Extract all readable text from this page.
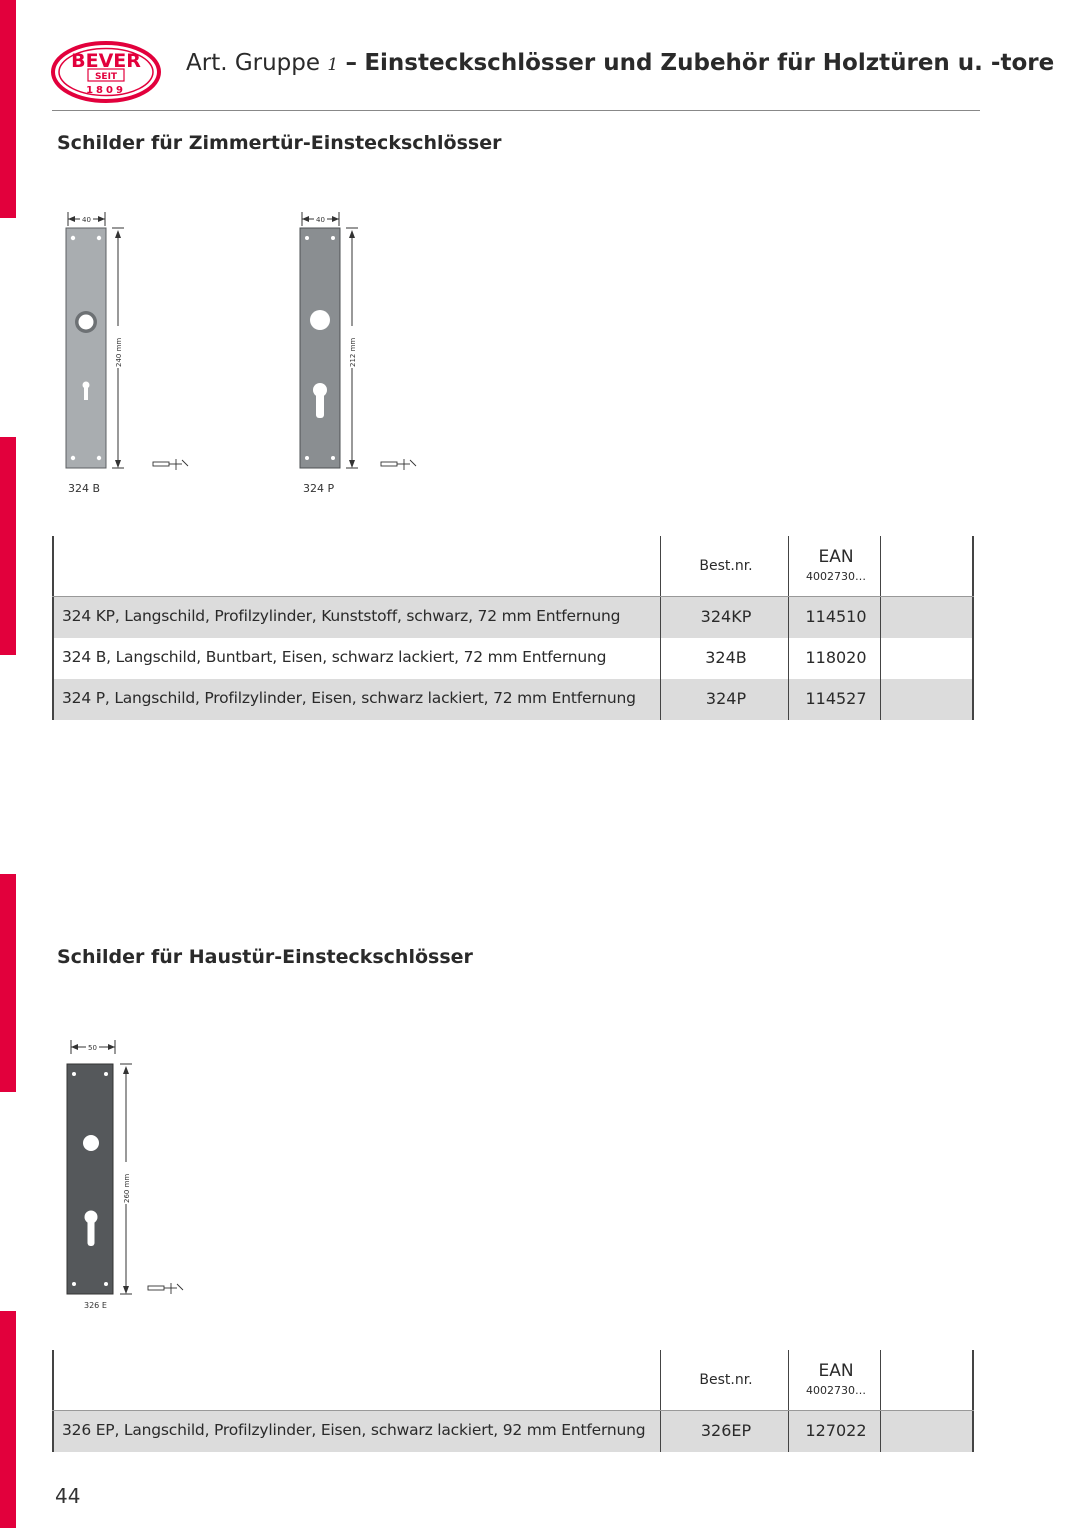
BEVER
SEIT
1809
Art. Gruppe 1 – Einsteckschlösser und Zubehör für Holztüren u. -tore
Schilder für Zimmertür-Einsteckschlösser
40
240 mm
324 B
40
212 mm
324 P
Best.nr.	EAN
4002730…
324 KP, Langschild, Profilzylinder, Kunststoff, schwarz, 72 mm Entfernung	324KP	114510
324 B, Langschild, Buntbart, Eisen, schwarz lackiert, 72 mm Entfernung	324B	118020
324 P, Langschild, Profilzylinder, Eisen, schwarz lackiert, 72 mm Entfernung	324P	114527
Schilder für Haustür-Einsteckschlösser
50
260 mm
326 E
Best.nr.	EAN
4002730…
326 EP, Langschild, Profilzylinder, Eisen, schwarz lackiert, 92 mm Entfernung	326EP	127022
44
